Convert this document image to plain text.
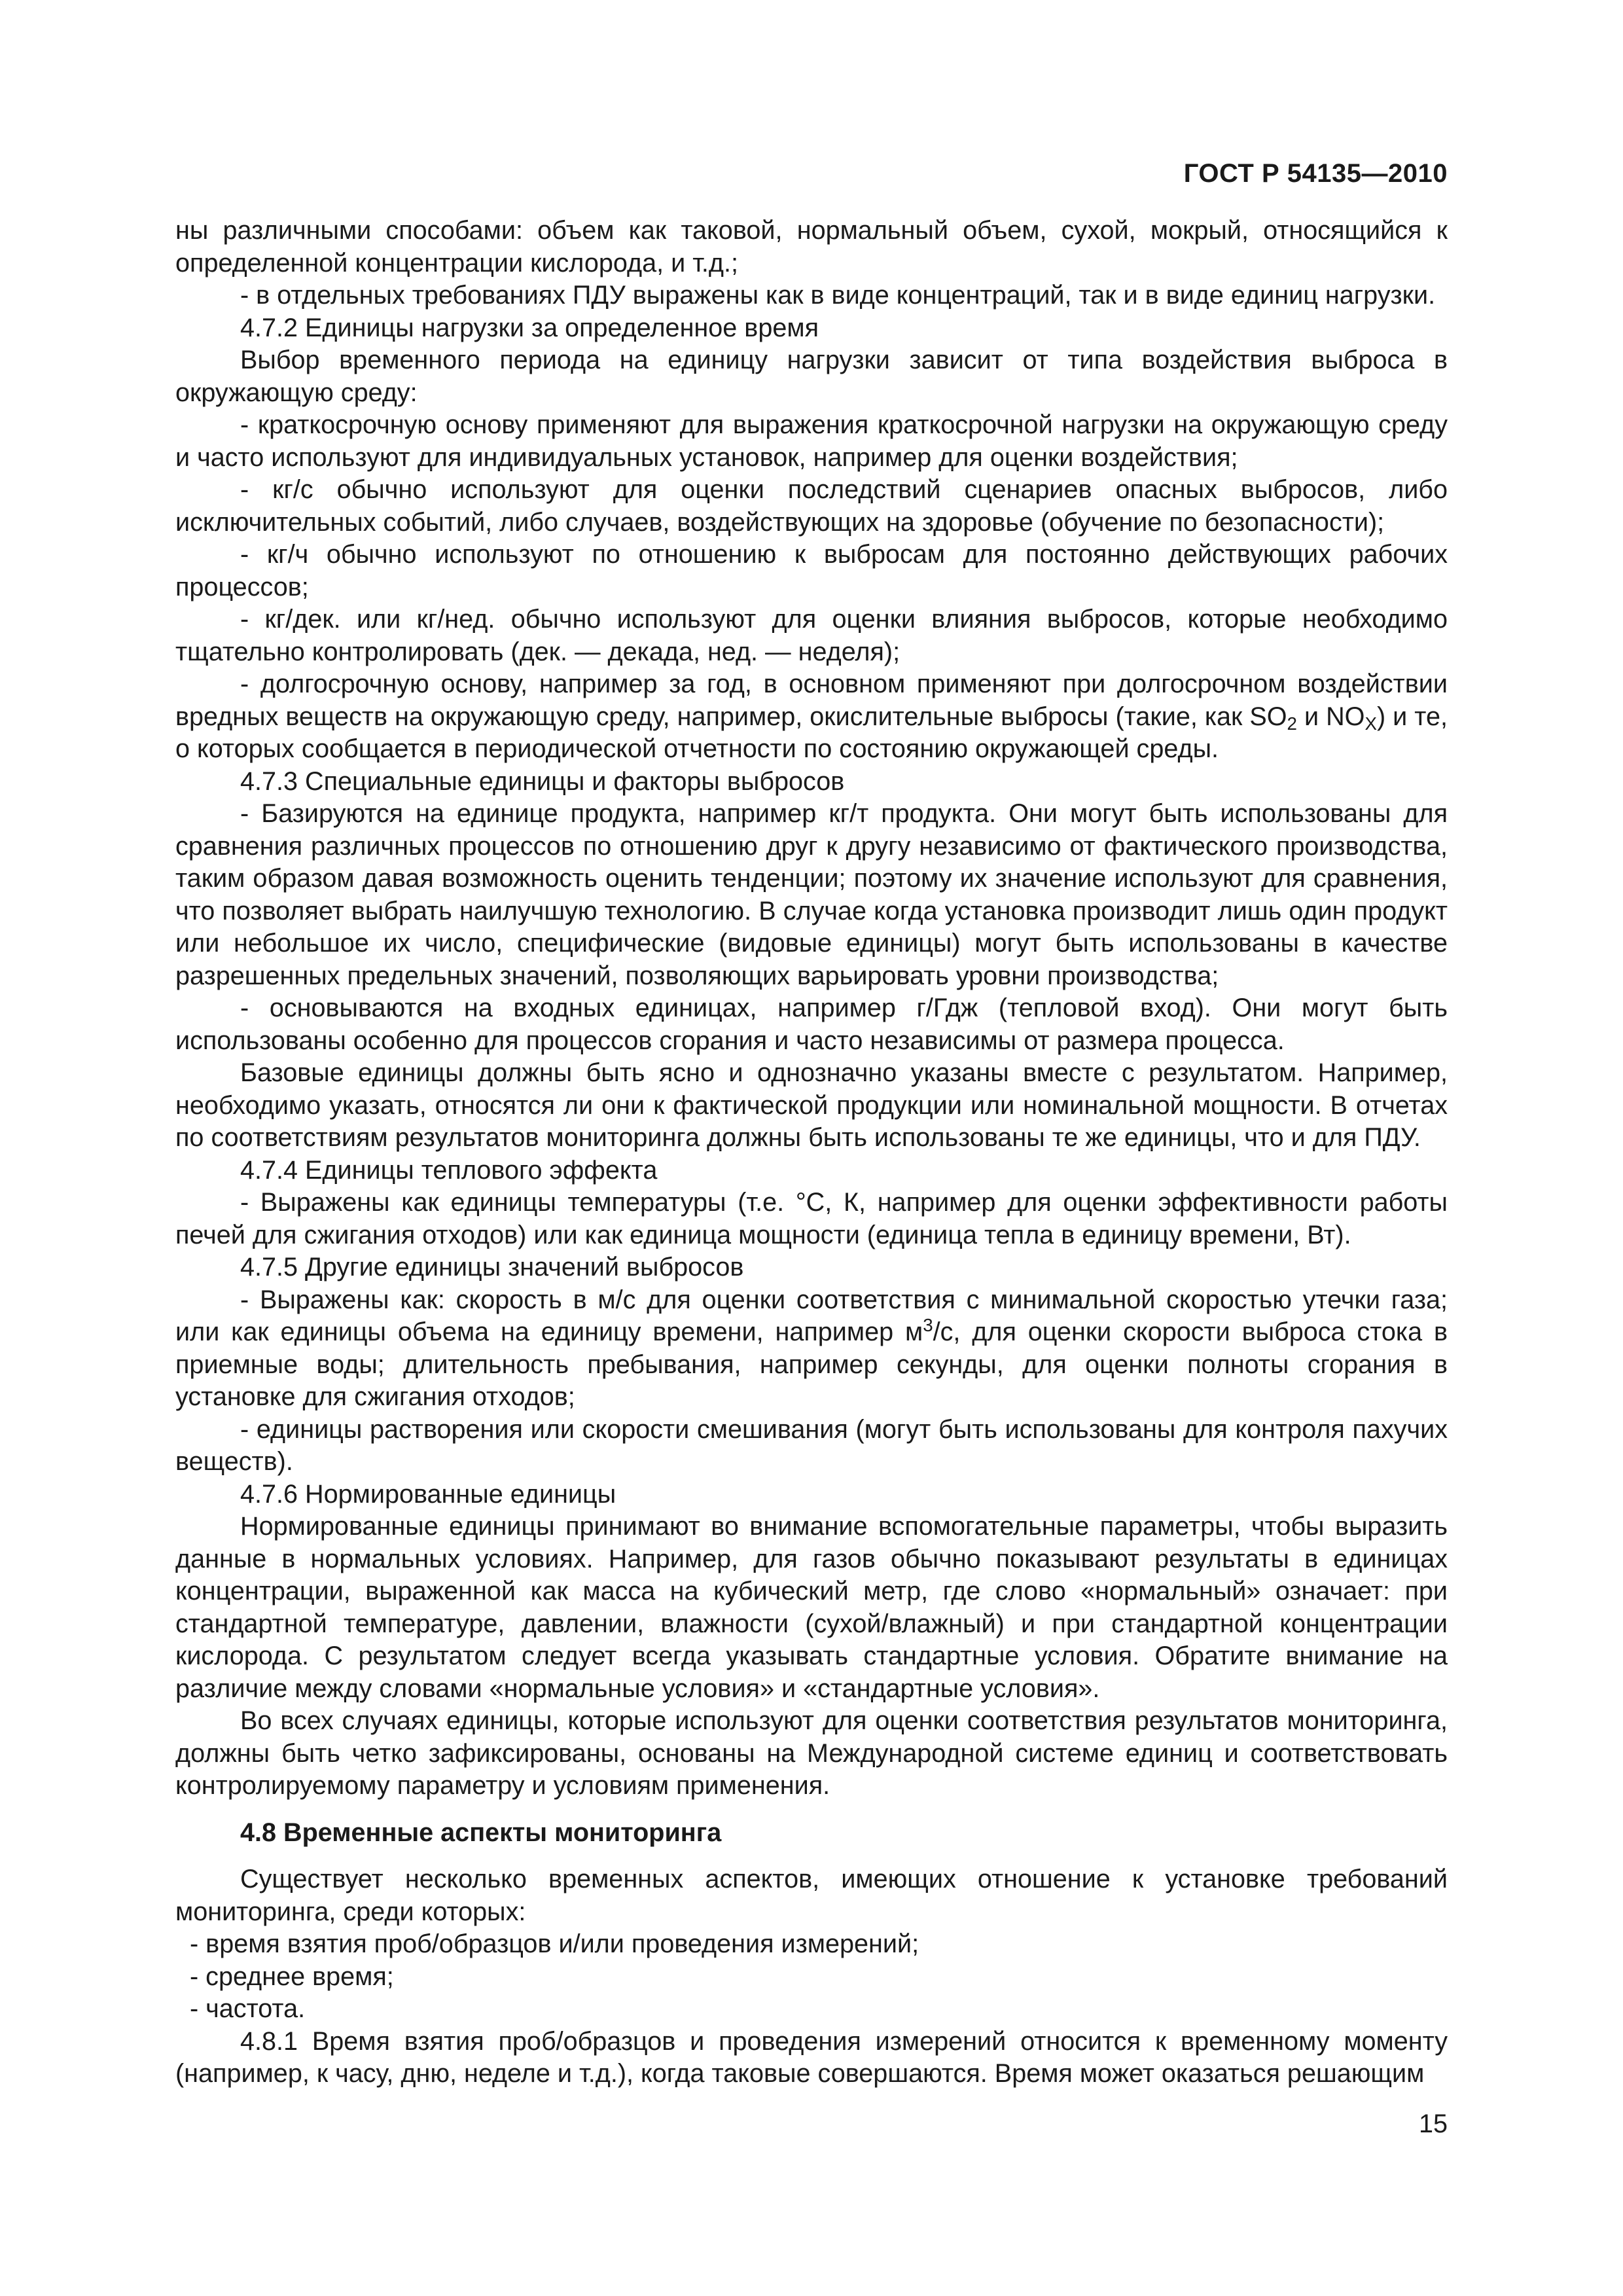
ГОСТ Р 54135—2010

ны различными способами: объем как таковой, нормальный объем, сухой, мокрый, относящийся к определенной концентрации кислорода, и т.д.;

- в отдельных требованиях ПДУ выражены как в виде концентраций, так и в виде единиц нагрузки.

4.7.2 Единицы нагрузки за определенное время

Выбор временного периода на единицу нагрузки зависит от типа воздействия выброса в окружающую среду:

- краткосрочную основу применяют для выражения краткосрочной нагрузки на окружающую среду и часто используют для индивидуальных установок, например для оценки воздействия;

- кг/с обычно используют для оценки последствий сценариев опасных выбросов, либо исключительных событий, либо случаев, воздействующих на здоровье (обучение по безопасности);

- кг/ч обычно используют по отношению к выбросам для постоянно действующих рабочих процессов;

- кг/дек. или кг/нед. обычно используют для оценки влияния выбросов, которые необходимо тщательно контролировать (дек. — декада, нед. — неделя);

- долгосрочную основу, например за год, в основном применяют при долгосрочном воздействии вредных веществ на окружающую среду, например, окислительные выбросы (такие, как $SO_2$ и $NO_X$) и те, о которых сообщается в периодической отчетности по состоянию окружающей среды.

4.7.3 Специальные единицы и факторы выбросов

- Базируются на единице продукта, например кг/т продукта. Они могут быть использованы для сравнения различных процессов по отношению друг к другу независимо от фактического производства, таким образом давая возможность оценить тенденции; поэтому их значение используют для сравнения, что позволяет выбрать наилучшую технологию. В случае когда установка производит лишь один продукт или небольшое их число, специфические (видовые единицы) могут быть использованы в качестве разрешенных предельных значений, позволяющих варьировать уровни производства;

- основываются на входных единицах, например г/Гдж (тепловой вход). Они могут быть использованы особенно для процессов сгорания и часто независимы от размера процесса.

Базовые единицы должны быть ясно и однозначно указаны вместе с результатом. Например, необходимо указать, относятся ли они к фактической продукции или номинальной мощности. В отчетах по соответствиям результатов мониторинга должны быть использованы те же единицы, что и для ПДУ.

4.7.4 Единицы теплового эффекта

- Выражены как единицы температуры (т.е. °С, К, например для оценки эффективности работы печей для сжигания отходов) или как единица мощности (единица тепла в единицу времени, Вт).

4.7.5 Другие единицы значений выбросов

- Выражены как: скорость в м/с для оценки соответствия с минимальной скоростью утечки газа; или как единицы объема на единицу времени, например $м^3/с$, для оценки скорости выброса стока в приемные воды; длительность пребывания, например секунды, для оценки полноты сгорания в установке для сжигания отходов;

- единицы растворения или скорости смешивания (могут быть использованы для контроля пахучих веществ).

4.7.6 Нормированные единицы

Нормированные единицы принимают во внимание вспомогательные параметры, чтобы выразить данные в нормальных условиях. Например, для газов обычно показывают результаты в единицах концентрации, выраженной как масса на кубический метр, где слово «нормальный» означает: при стандартной температуре, давлении, влажности (сухой/влажный) и при стандартной концентрации кислорода. С результатом следует всегда указывать стандартные условия. Обратите внимание на различие между словами «нормальные условия» и «стандартные условия».

Во всех случаях единицы, которые используют для оценки соответствия результатов мониторинга, должны быть четко зафиксированы, основаны на Международной системе единиц и соответствовать контролируемому параметру и условиям применения.

4.8 Временные аспекты мониторинга

Существует несколько временных аспектов, имеющих отношение к установке требований мониторинга, среди которых:

- время взятия проб/образцов и/или проведения измерений;

- среднее время;

- частота.

4.8.1 Время взятия проб/образцов и проведения измерений относится к временному моменту (например, к часу, дню, неделе и т.д.), когда таковые совершаются. Время может оказаться решающим

15
